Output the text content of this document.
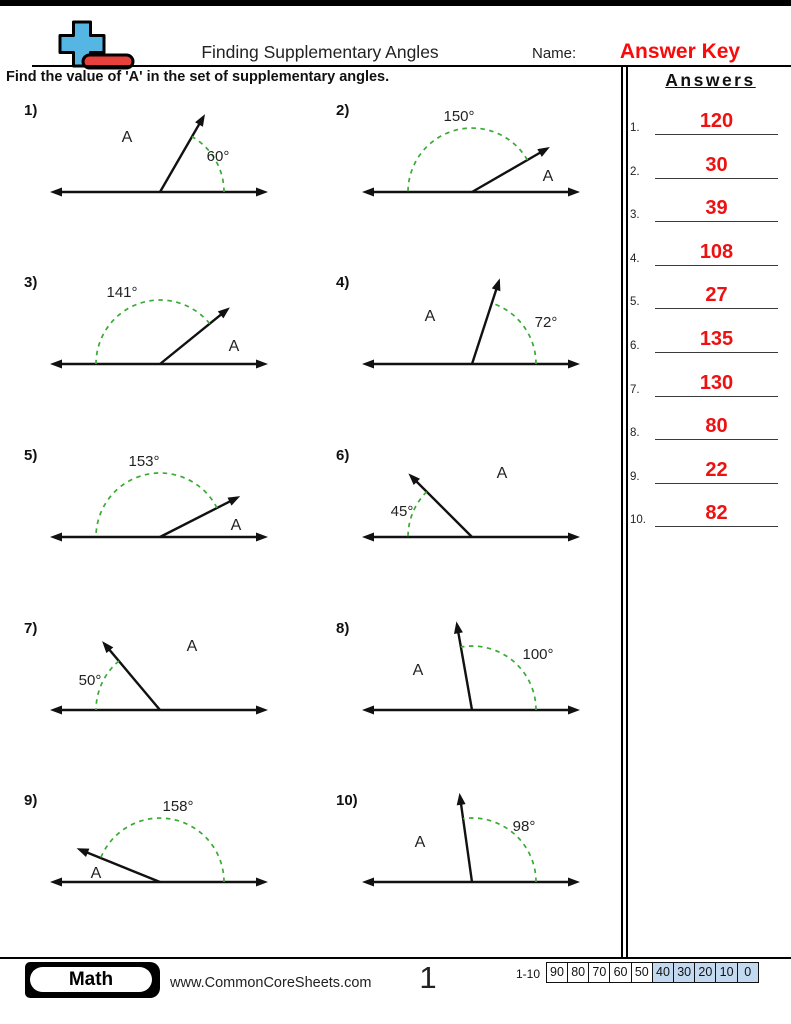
Finding Supplementary Angles	Name:	Answer Key
Find the value of 'A' in the set of supplementary angles.
60°
A
1)	150°
A
2)
141°
A
3)
72°
A
4)
153°
A
5)
45°
A
6)
50°
A
7)
100°
A
8)
158°
A
9)
98°
A
10)
Answers
1.	120
2.	30
3.	39
4.	108
5.	27
6.	135
7.	130
8.	80
9.	22
10.	82
Math	www.CommonCoreSheets.com	1	1-10 90 80 70 60 50 40 30 20 10 0
